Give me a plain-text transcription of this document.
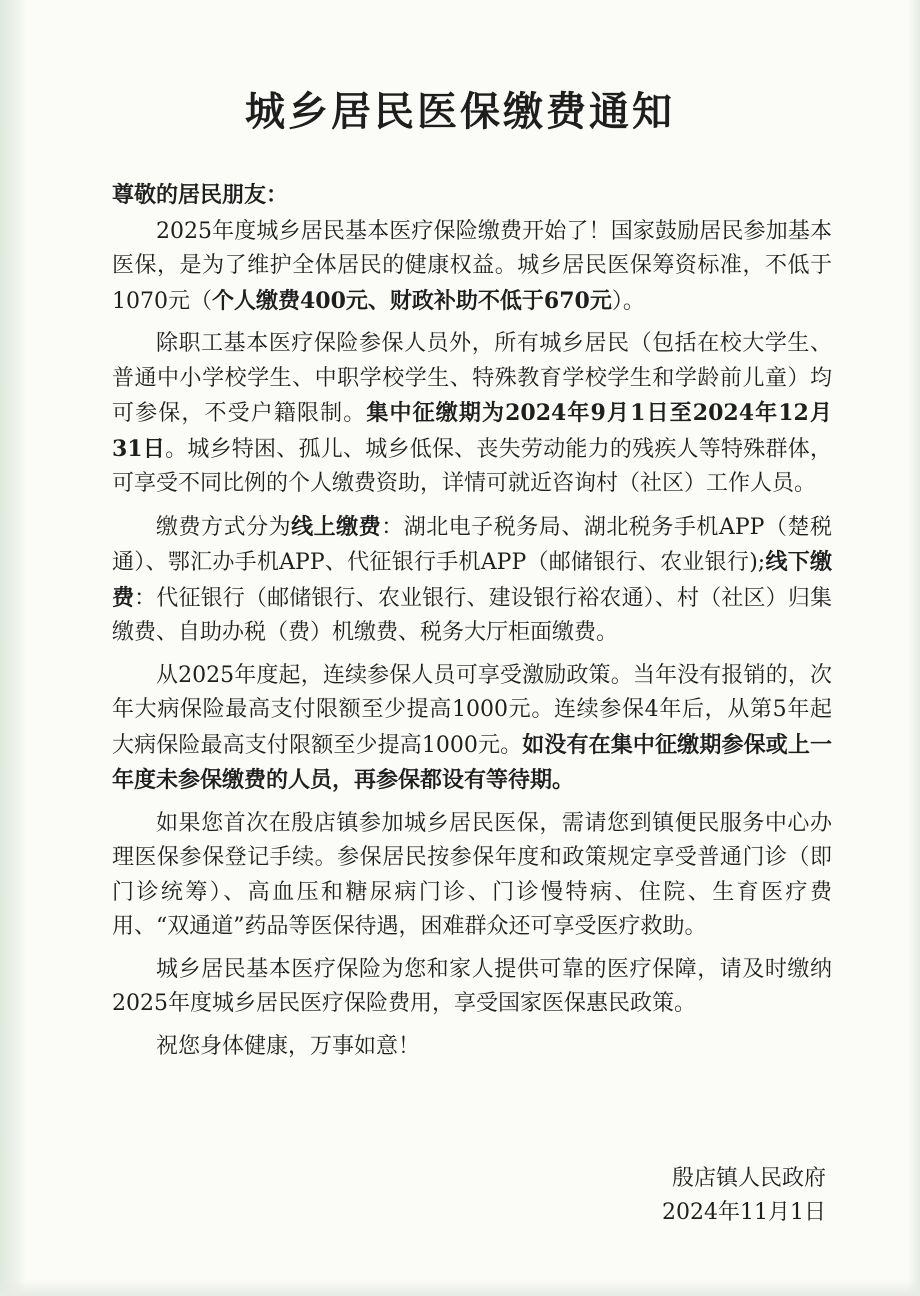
城乡居民医保缴费通知

尊敬的居民朋友：

2025年度城乡居民基本医疗保险缴费开始了！国家鼓励居民参加基本医保，是为了维护全体居民的健康权益。城乡居民医保筹资标准，不低于1070元（个人缴费400元、财政补助不低于670元）。

除职工基本医疗保险参保人员外，所有城乡居民（包括在校大学生、普通中小学校学生、中职学校学生、特殊教育学校学生和学龄前儿童）均可参保，不受户籍限制。集中征缴期为2024年9月1日至2024年12月31日。城乡特困、孤儿、城乡低保、丧失劳动能力的残疾人等特殊群体，可享受不同比例的个人缴费资助，详情可就近咨询村（社区）工作人员。

缴费方式分为线上缴费：湖北电子税务局、湖北税务手机APP（楚税通）、鄂汇办手机APP、代征银行手机APP（邮储银行、农业银行);线下缴费：代征银行（邮储银行、农业银行、建设银行裕农通）、村（社区）归集缴费、自助办税（费）机缴费、税务大厅柜面缴费。

从2025年度起，连续参保人员可享受激励政策。当年没有报销的，次年大病保险最高支付限额至少提高1000元。连续参保4年后，从第5年起大病保险最高支付限额至少提高1000元。如没有在集中征缴期参保或上一年度未参保缴费的人员，再参保都设有等待期。

如果您首次在殷店镇参加城乡居民医保，需请您到镇便民服务中心办理医保参保登记手续。参保居民按参保年度和政策规定享受普通门诊（即门诊统筹）、高血压和糖尿病门诊、门诊慢特病、住院、生育医疗费用、“双通道”药品等医保待遇，困难群众还可享受医疗救助。

城乡居民基本医疗保险为您和家人提供可靠的医疗保障，请及时缴纳2025年度城乡居民医疗保险费用，享受国家医保惠民政策。

祝您身体健康，万事如意！

殷店镇人民政府
2024年11月1日
